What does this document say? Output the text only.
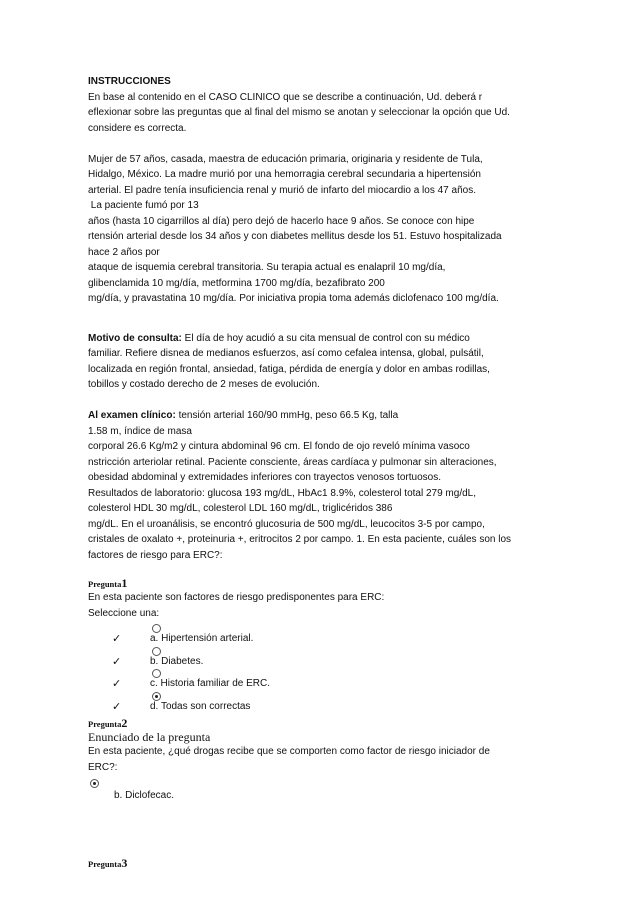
INSTRUCCIONES

En base al contenido en el CASO CLINICO que se describe a continuación, Ud. deberá r

eflexionar sobre las preguntas que al final del mismo se anotan y seleccionar la opción que Ud.

considere es correcta.

Mujer de 57 años, casada, maestra de educación primaria, originaria y residente de Tula,

Hidalgo, México. La madre murió por una hemorragia cerebral secundaria a hipertensión

arterial. El padre tenía insuficiencia renal y murió de infarto del miocardio a los 47 años.

La paciente fumó por 13

años (hasta 10 cigarrillos al día) pero dejó de hacerlo hace 9 años. Se conoce con hipe

rtensión arterial desde los 34 años y con diabetes mellitus desde los 51. Estuvo hospitalizada

hace 2 años por

ataque de isquemia cerebral transitoria. Su terapia actual es enalapril 10 mg/día,

glibenclamida 10 mg/día, metformina 1700 mg/día, bezafibrato 200

mg/día, y pravastatina 10 mg/día. Por iniciativa propia toma además diclofenaco 100 mg/día.

Motivo de consulta: El día de hoy acudió a su cita mensual de control con su médico

familiar. Refiere disnea de medianos esfuerzos, así como cefalea intensa, global, pulsátil,

localizada en región frontal, ansiedad, fatiga, pérdida de energía y dolor en ambas rodillas,

tobillos y costado derecho de 2 meses de evolución.

Al examen clínico: tensión arterial 160/90 mmHg, peso 66.5 Kg, talla

1.58 m, índice de masa

corporal 26.6 Kg/m2 y cintura abdominal 96 cm. El fondo de ojo reveló mínima vasoco

nstricción arteriolar retinal. Paciente consciente, áreas cardíaca y pulmonar sin alteraciones,

obesidad abdominal y extremidades inferiores con trayectos venosos tortuosos.

Resultados de laboratorio: glucosa 193 mg/dL, HbAc1 8.9%, colesterol total 279 mg/dL,

colesterol HDL 30 mg/dL, colesterol LDL 160 mg/dL, triglicéridos 386

mg/dL. En el uroanálisis, se encontró glucosuria de 500 mg/dL, leucocitos 3-5 por campo,

cristales de oxalato +, proteinuria +, eritrocitos 2 por campo. 1. En esta paciente, cuáles son los

factores de riesgo para ERC?:

Pregunta1

En esta paciente son factores de riesgo predisponentes para ERC:

Seleccione una:

✓	a. Hipertensión arterial.
✓	b. Diabetes.
✓	c. Historia familiar de ERC.
✓	d. Todas son correctas

Pregunta2

Enunciado de la pregunta

En esta paciente, ¿qué drogas recibe que se comporten como factor de riesgo iniciador de

ERC?:

b. Diclofecac.

Pregunta3
